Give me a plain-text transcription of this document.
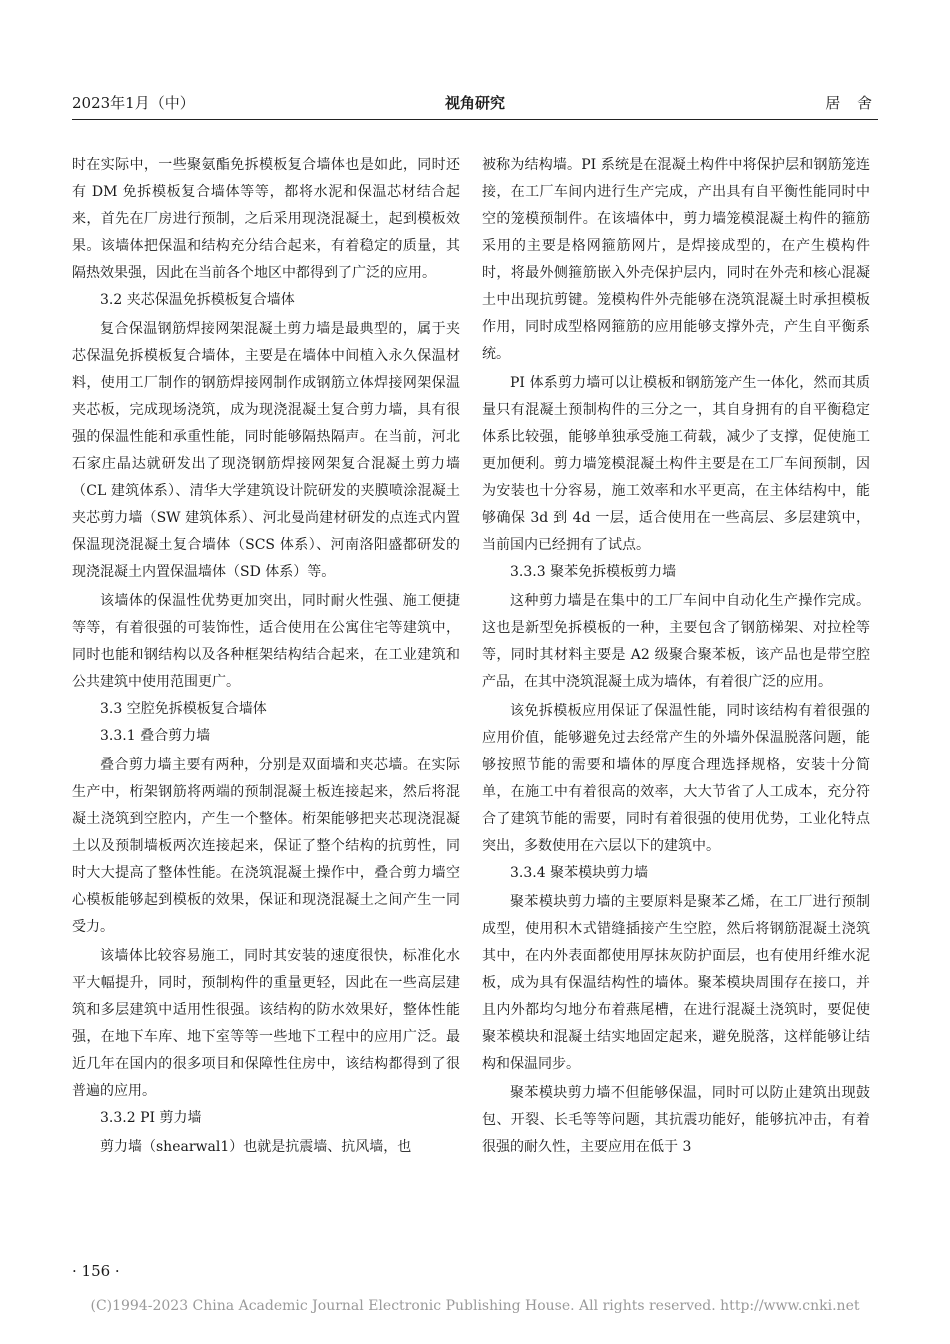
2023年1月（中）	视角研究	居 舍

时在实际中，一些聚氨酯免拆模板复合墙体也是如此，同时还有 DM 免拆模板复合墙体等等，都将水泥和保温芯材结合起来，首先在厂房进行预制，之后采用现浇混凝土，起到模板效果。该墙体把保温和结构充分结合起来，有着稳定的质量，其隔热效果强，因此在当前各个地区中都得到了广泛的应用。

3.2 夹芯保温免拆模板复合墙体

复合保温钢筋焊接网架混凝土剪力墙是最典型的，属于夹芯保温免拆模板复合墙体，主要是在墙体中间植入永久保温材料，使用工厂制作的钢筋焊接网制作成钢筋立体焊接网架保温夹芯板，完成现场浇筑，成为现浇混凝土复合剪力墙，具有很强的保温性能和承重性能，同时能够隔热隔声。在当前，河北石家庄晶达就研发出了现浇钢筋焊接网架复合混凝土剪力墙（CL 建筑体系）、清华大学建筑设计院研发的夹膜喷涂混凝土夹芯剪力墙（SW 建筑体系）、河北曼尚建材研发的点连式内置保温现浇混凝土复合墙体（SCS 体系）、河南洛阳盛都研发的现浇混凝土内置保温墙体（SD 体系）等。

该墙体的保温性优势更加突出，同时耐火性强、施工便捷等等，有着很强的可装饰性，适合使用在公寓住宅等建筑中，同时也能和钢结构以及各种框架结构结合起来，在工业建筑和公共建筑中使用范围更广。

3.3 空腔免拆模板复合墙体

3.3.1 叠合剪力墙

叠合剪力墙主要有两种，分别是双面墙和夹芯墙。在实际生产中，桁架钢筋将两端的预制混凝土板连接起来，然后将混凝土浇筑到空腔内，产生一个整体。桁架能够把夹芯现浇混凝土以及预制墙板两次连接起来，保证了整个结构的抗剪性，同时大大提高了整体性能。在浇筑混凝土操作中，叠合剪力墙空心模板能够起到模板的效果，保证和现浇混凝土之间产生一同受力。

该墙体比较容易施工，同时其安装的速度很快，标准化水平大幅提升，同时，预制构件的重量更轻，因此在一些高层建筑和多层建筑中适用性很强。该结构的防水效果好，整体性能强，在地下车库、地下室等等一些地下工程中的应用广泛。最近几年在国内的很多项目和保障性住房中，该结构都得到了很普遍的应用。

3.3.2 PI 剪力墙

剪力墙（shearwal1）也就是抗震墙、抗风墙，也

被称为结构墙。PI 系统是在混凝土构件中将保护层和钢筋笼连接，在工厂车间内进行生产完成，产出具有自平衡性能同时中空的笼模预制件。在该墙体中，剪力墙笼模混凝土构件的箍筋采用的主要是格网箍筋网片，是焊接成型的，在产生模构件时，将最外侧箍筋嵌入外壳保护层内，同时在外壳和核心混凝土中出现抗剪键。笼模构件外壳能够在浇筑混凝土时承担模板作用，同时成型格网箍筋的应用能够支撑外壳，产生自平衡系统。

PI 体系剪力墙可以让模板和钢筋笼产生一体化，然而其质量只有混凝土预制构件的三分之一，其自身拥有的自平衡稳定体系比较强，能够单独承受施工荷载，减少了支撑，促使施工更加便利。剪力墙笼模混凝土构件主要是在工厂车间预制，因为安装也十分容易，施工效率和水平更高，在主体结构中，能够确保 3d 到 4d 一层，适合使用在一些高层、多层建筑中，当前国内已经拥有了试点。

3.3.3 聚苯免拆模板剪力墙

这种剪力墙是在集中的工厂车间中自动化生产操作完成。这也是新型免拆模板的一种，主要包含了钢筋梯架、对拉栓等等，同时其材料主要是 A2 级聚合聚苯板，该产品也是带空腔产品，在其中浇筑混凝土成为墙体，有着很广泛的应用。

该免拆模板应用保证了保温性能，同时该结构有着很强的应用价值，能够避免过去经常产生的外墙外保温脱落问题，能够按照节能的需要和墙体的厚度合理选择规格，安装十分简单，在施工中有着很高的效率，大大节省了人工成本，充分符合了建筑节能的需要，同时有着很强的使用优势，工业化特点突出，多数使用在六层以下的建筑中。

3.3.4 聚苯模块剪力墙

聚苯模块剪力墙的主要原料是聚苯乙烯，在工厂进行预制成型，使用积木式错缝插接产生空腔，然后将钢筋混凝土浇筑其中，在内外表面都使用厚抹灰防护面层，也有使用纤维水泥板，成为具有保温结构性的墙体。聚苯模块周围存在接口，并且内外都均匀地分布着燕尾槽，在进行混凝土浇筑时，要促使聚苯模块和混凝土结实地固定起来，避免脱落，这样能够让结构和保温同步。

聚苯模块剪力墙不但能够保温，同时可以防止建筑出现鼓包、开裂、长毛等等问题，其抗震功能好，能够抗冲击，有着很强的耐久性，主要应用在低于 3

· 156 ·
(C)1994-2023 China Academic Journal Electronic Publishing House. All rights reserved. http://www.cnki.net
